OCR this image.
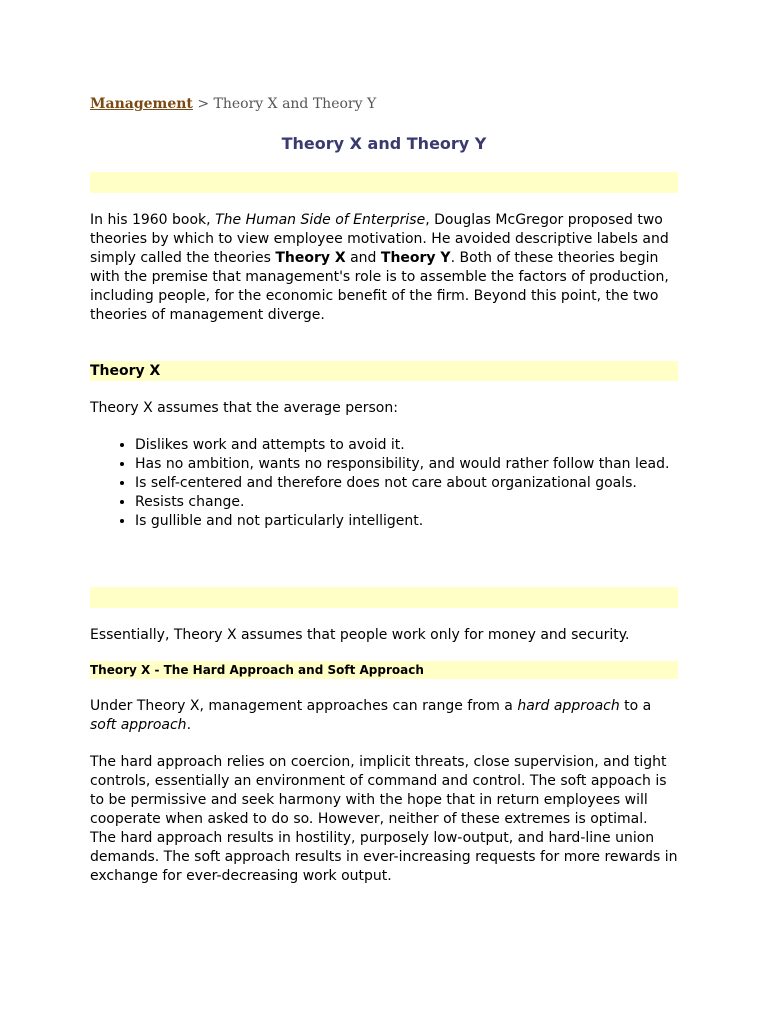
Management > Theory X and Theory Y
Theory X and Theory Y
In his 1960 book, The Human Side of Enterprise, Douglas McGregor proposed two theories by which to view employee motivation. He avoided descriptive labels and simply called the theories Theory X and Theory Y. Both of these theories begin with the premise that management's role is to assemble the factors of production, including people, for the economic benefit of the firm. Beyond this point, the two theories of management diverge.
Theory X
Theory X assumes that the average person:
• Dislikes work and attempts to avoid it.
• Has no ambition, wants no responsibility, and would rather follow than lead.
• Is self-centered and therefore does not care about organizational goals.
• Resists change.
• Is gullible and not particularly intelligent.
Essentially, Theory X assumes that people work only for money and security.
Theory X - The Hard Approach and Soft Approach
Under Theory X, management approaches can range from a hard approach to a soft approach.
The hard approach relies on coercion, implicit threats, close supervision, and tight controls, essentially an environment of command and control. The soft appoach is to be permissive and seek harmony with the hope that in return employees will cooperate when asked to do so. However, neither of these extremes is optimal. The hard approach results in hostility, purposely low-output, and hard-line union demands. The soft approach results in ever-increasing requests for more rewards in exchange for ever-decreasing work output.
